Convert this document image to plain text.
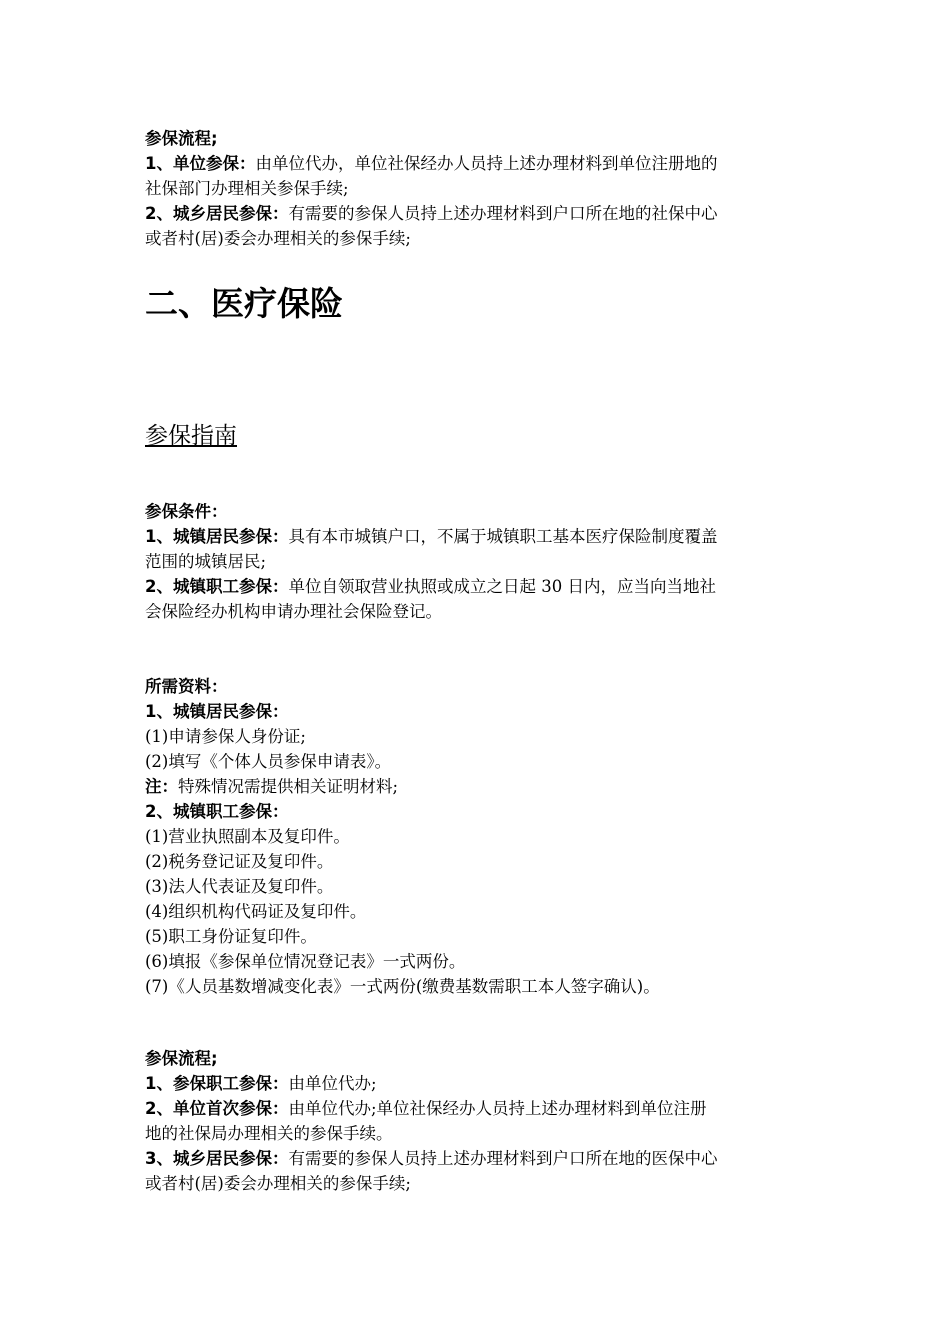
参保流程;
1、单位参保：由单位代办，单位社保经办人员持上述办理材料到单位注册地的
社保部门办理相关参保手续;
2、城乡居民参保：有需要的参保人员持上述办理材料到户口所在地的社保中心
或者村(居)委会办理相关的参保手续;
二、医疗保险
参保指南
参保条件：
1、城镇居民参保：具有本市城镇户口，不属于城镇职工基本医疗保险制度覆盖
范围的城镇居民;
2、城镇职工参保：单位自领取营业执照或成立之日起 30 日内，应当向当地社
会保险经办机构申请办理社会保险登记。
所需资料：
1、城镇居民参保：
(1)申请参保人身份证;
(2)填写《个体人员参保申请表》。
注：特殊情况需提供相关证明材料;
2、城镇职工参保：
(1)营业执照副本及复印件。
(2)税务登记证及复印件。
(3)法人代表证及复印件。
(4)组织机构代码证及复印件。
(5)职工身份证复印件。
(6)填报《参保单位情况登记表》一式两份。
(7)《人员基数增减变化表》一式两份(缴费基数需职工本人签字确认)。
参保流程;
1、参保职工参保：由单位代办;
2、单位首次参保：由单位代办;单位社保经办人员持上述办理材料到单位注册
地的社保局办理相关的参保手续。
3、城乡居民参保：有需要的参保人员持上述办理材料到户口所在地的医保中心
或者村(居)委会办理相关的参保手续;
